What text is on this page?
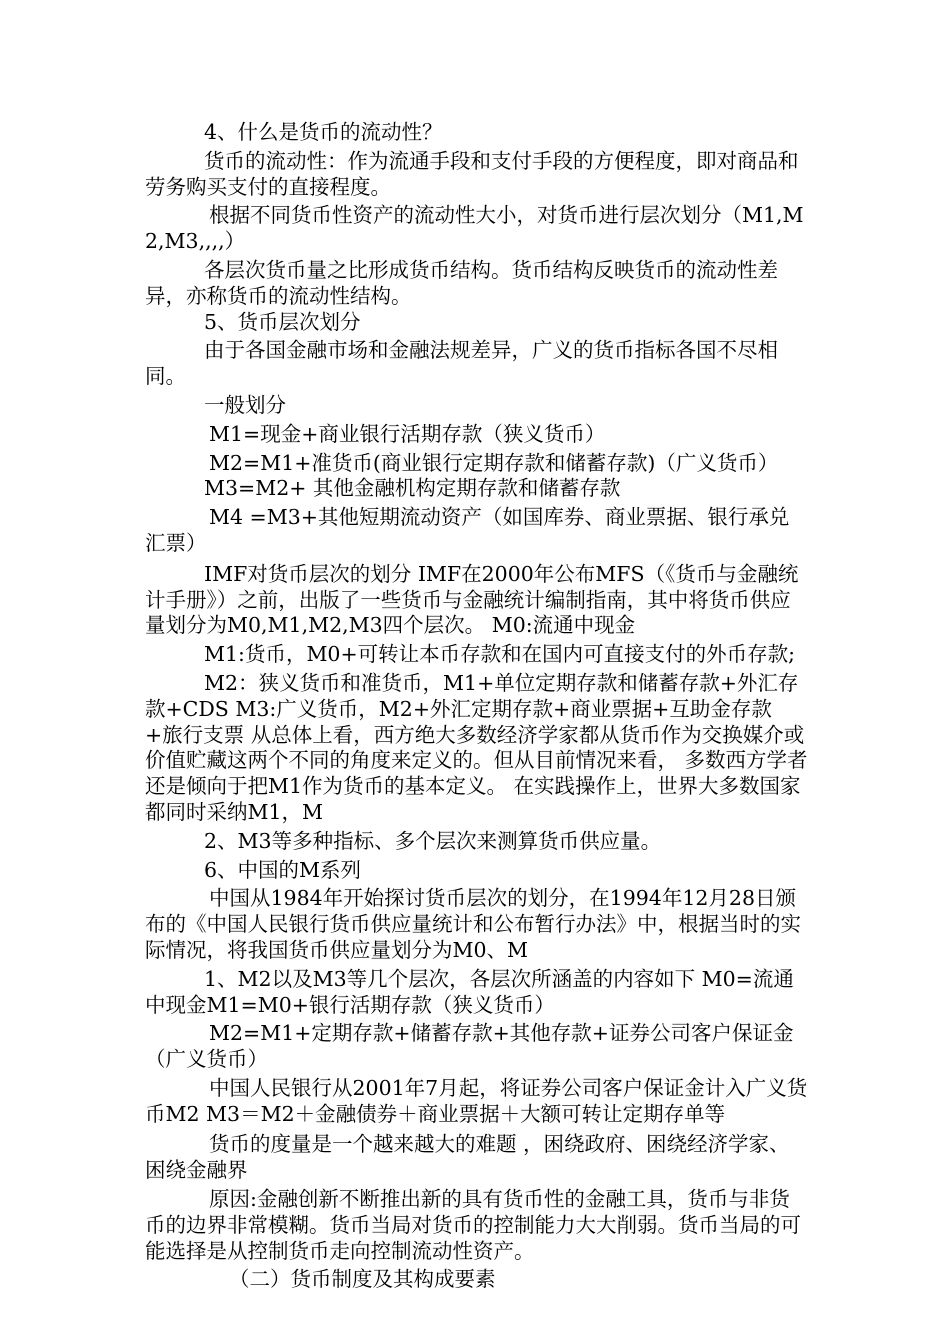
4、什么是货币的流动性？

货币的流动性：作为流通手段和支付手段的方便程度，即对商品和劳务购买支付的直接程度。

根据不同货币性资产的流动性大小，对货币进行层次划分（M1,M2,M3,,,,）

各层次货币量之比形成货币结构。货币结构反映货币的流动性差异，亦称货币的流动性结构。

5、货币层次划分

由于各国金融市场和金融法规差异，广义的货币指标各国不尽相同。

一般划分

M1=现金+商业银行活期存款（狭义货币）

M2=M1+准货币(商业银行定期存款和储蓄存款)（广义货币）

M3=M2+ 其他金融机构定期存款和储蓄存款

M4 =M3+其他短期流动资产（如国库券、商业票据、银行承兑汇票）

IMF对货币层次的划分 IMF在2000年公布MFS（《货币与金融统计手册》）之前，出版了一些货币与金融统计编制指南，其中将货币供应量划分为M0,M1,M2,M3四个层次。 M0:流通中现金

M1:货币，M0+可转让本币存款和在国内可直接支付的外币存款;

M2：狭义货币和准货币，M1+单位定期存款和储蓄存款+外汇存款+CDS M3:广义货币，M2+外汇定期存款+商业票据+互助金存款+旅行支票 从总体上看，西方绝大多数经济学家都从货币作为交换媒介或价值贮藏这两个不同的角度来定义的。但从目前情况来看， 多数西方学者还是倾向于把M1作为货币的基本定义。 在实践操作上，世界大多数国家都同时采纳M1，M

2、M3等多种指标、多个层次来测算货币供应量。

6、中国的M系列

中国从1984年开始探讨货币层次的划分，在1994年12月28日颁布的《中国人民银行货币供应量统计和公布暂行办法》中，根据当时的实际情况，将我国货币供应量划分为M0、M

1、M2以及M3等几个层次，各层次所涵盖的内容如下 M0=流通中现金M1=M0+银行活期存款（狭义货币）

M2=M1+定期存款+储蓄存款+其他存款+证券公司客户保证金（广义货币）

中国人民银行从2001年7月起，将证券公司客户保证金计入广义货币M2 M3＝M2＋金融债券＋商业票据＋大额可转让定期存单等

货币的度量是一个越来越大的难题 ，困绕政府、困绕经济学家、困绕金融界

原因:金融创新不断推出新的具有货币性的金融工具，货币与非货币的边界非常模糊。货币当局对货币的控制能力大大削弱。货币当局的可能选择是从控制货币走向控制流动性资产。

（二）货币制度及其构成要素
